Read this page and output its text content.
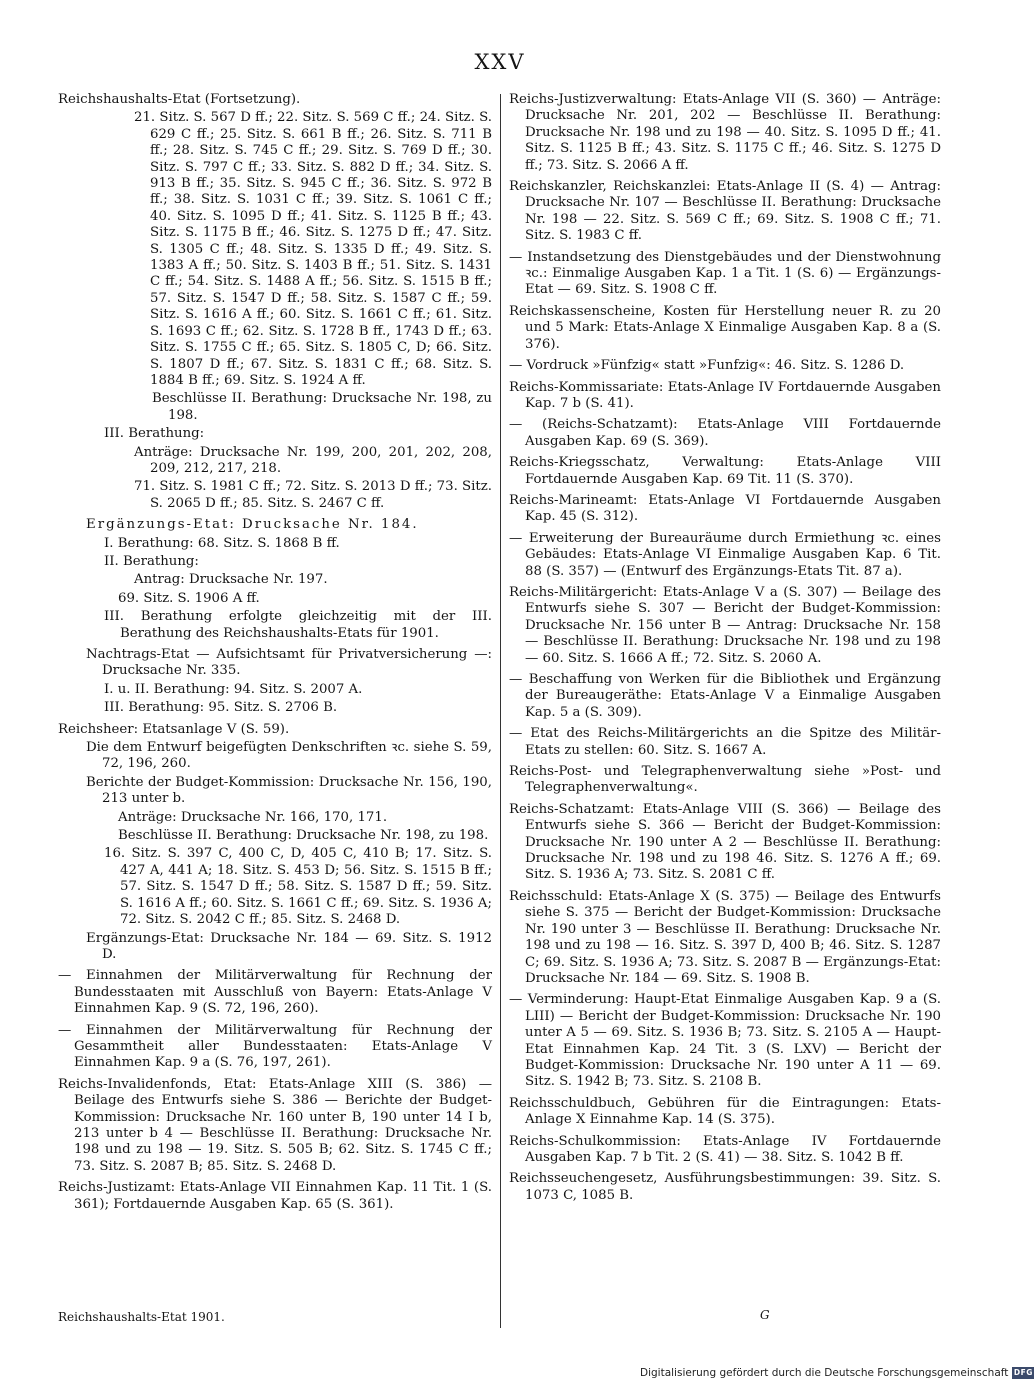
XXV

Reichshaushalts-Etat (Fortsetzung).

21. Sitz. S. 567 D ff.; 22. Sitz. S. 569 C ff.; 24. Sitz. S. 629 C ff.; 25. Sitz. S. 661 B ff.; 26. Sitz. S. 711 B ff.; 28. Sitz. S. 745 C ff.; 29. Sitz. S. 769 D ff.; 30. Sitz. S. 797 C ff.; 33. Sitz. S. 882 D ff.; 34. Sitz. S. 913 B ff.; 35. Sitz. S. 945 C ff.; 36. Sitz. S. 972 B ff.; 38. Sitz. S. 1031 C ff.; 39. Sitz. S. 1061 C ff.; 40. Sitz. S. 1095 D ff.; 41. Sitz. S. 1125 B ff.; 43. Sitz. S. 1175 B ff.; 46. Sitz. S. 1275 D ff.; 47. Sitz. S. 1305 C ff.; 48. Sitz. S. 1335 D ff.; 49. Sitz. S. 1383 A ff.; 50. Sitz. S. 1403 B ff.; 51. Sitz. S. 1431 C ff.; 54. Sitz. S. 1488 A ff.; 56. Sitz. S. 1515 B ff.; 57. Sitz. S. 1547 D ff.; 58. Sitz. S. 1587 C ff.; 59. Sitz. S. 1616 A ff.; 60. Sitz. S. 1661 C ff.; 61. Sitz. S. 1693 C ff.; 62. Sitz. S. 1728 B ff., 1743 D ff.; 63. Sitz. S. 1755 C ff.; 65. Sitz. S. 1805 C, D; 66. Sitz. S. 1807 D ff.; 67. Sitz. S. 1831 C ff.; 68. Sitz. S. 1884 B ff.; 69. Sitz. S. 1924 A ff.

Beschlüsse II. Berathung: Drucksache Nr. 198, zu 198.

III. Berathung:

Anträge: Drucksache Nr. 199, 200, 201, 202, 208, 209, 212, 217, 218.

71. Sitz. S. 1981 C ff.; 72. Sitz. S. 2013 D ff.; 73. Sitz. S. 2065 D ff.; 85. Sitz. S. 2467 C ff.

Ergänzungs-Etat: Drucksache Nr. 184.

I. Berathung: 68. Sitz. S. 1868 B ff.

II. Berathung:

Antrag: Drucksache Nr. 197.

69. Sitz. S. 1906 A ff.

III. Berathung erfolgte gleichzeitig mit der III. Berathung des Reichshaushalts-Etats für 1901.

Nachtrags-Etat — Aufsichtsamt für Privatversicherung —: Drucksache Nr. 335.

I. u. II. Berathung: 94. Sitz. S. 2007 A.

III. Berathung: 95. Sitz. S. 2706 B.

Reichsheer: Etatsanlage V (S. 59).

Die dem Entwurf beigefügten Denkschriften ꝛc. siehe S. 59, 72, 196, 260.

Berichte der Budget-Kommission: Drucksache Nr. 156, 190, 213 unter b.

Anträge: Drucksache Nr. 166, 170, 171.

Beschlüsse II. Berathung: Drucksache Nr. 198, zu 198.

16. Sitz. S. 397 C, 400 C, D, 405 C, 410 B; 17. Sitz. S. 427 A, 441 A; 18. Sitz. S. 453 D; 56. Sitz. S. 1515 B ff.; 57. Sitz. S. 1547 D ff.; 58. Sitz. S. 1587 D ff.; 59. Sitz. S. 1616 A ff.; 60. Sitz. S. 1661 C ff.; 69. Sitz. S. 1936 A; 72. Sitz. S. 2042 C ff.; 85. Sitz. S. 2468 D.

Ergänzungs-Etat: Drucksache Nr. 184 — 69. Sitz. S. 1912 D.

— Einnahmen der Militärverwaltung für Rechnung der Bundesstaaten mit Ausschluß von Bayern: Etats-Anlage V Einnahmen Kap. 9 (S. 72, 196, 260).

— Einnahmen der Militärverwaltung für Rechnung der Gesammtheit aller Bundesstaaten: Etats-Anlage V Einnahmen Kap. 9 a (S. 76, 197, 261).

Reichs-Invalidenfonds, Etat: Etats-Anlage XIII (S. 386) — Beilage des Entwurfs siehe S. 386 — Berichte der Budget-Kommission: Drucksache Nr. 160 unter B, 190 unter 14 I b, 213 unter b 4 — Beschlüsse II. Berathung: Drucksache Nr. 198 und zu 198 — 19. Sitz. S. 505 B; 62. Sitz. S. 1745 C ff.; 73. Sitz. S. 2087 B; 85. Sitz. S. 2468 D.

Reichs-Justizamt: Etats-Anlage VII Einnahmen Kap. 11 Tit. 1 (S. 361); Fortdauernde Ausgaben Kap. 65 (S. 361).

Reichs-Justizverwaltung: Etats-Anlage VII (S. 360) — Anträge: Drucksache Nr. 201, 202 — Beschlüsse II. Berathung: Drucksache Nr. 198 und zu 198 — 40. Sitz. S. 1095 D ff.; 41. Sitz. S. 1125 B ff.; 43. Sitz. S. 1175 C ff.; 46. Sitz. S. 1275 D ff.; 73. Sitz. S. 2066 A ff.

Reichskanzler, Reichskanzlei: Etats-Anlage II (S. 4) — Antrag: Drucksache Nr. 107 — Beschlüsse II. Berathung: Drucksache Nr. 198 — 22. Sitz. S. 569 C ff.; 69. Sitz. S. 1908 C ff.; 71. Sitz. S. 1983 C ff.

— Instandsetzung des Dienstgebäudes und der Dienstwohnung ꝛc.: Einmalige Ausgaben Kap. 1 a Tit. 1 (S. 6) — Ergänzungs-Etat — 69. Sitz. S. 1908 C ff.

Reichskassenscheine, Kosten für Herstellung neuer R. zu 20 und 5 Mark: Etats-Anlage X Einmalige Ausgaben Kap. 8 a (S. 376).

— Vordruck »Fünfzig« statt »Funfzig«: 46. Sitz. S. 1286 D.

Reichs-Kommissariate: Etats-Anlage IV Fortdauernde Ausgaben Kap. 7 b (S. 41).

— (Reichs-Schatzamt): Etats-Anlage VIII Fortdauernde Ausgaben Kap. 69 (S. 369).

Reichs-Kriegsschatz, Verwaltung: Etats-Anlage VIII Fortdauernde Ausgaben Kap. 69 Tit. 11 (S. 370).

Reichs-Marineamt: Etats-Anlage VI Fortdauernde Ausgaben Kap. 45 (S. 312).

— Erweiterung der Bureauräume durch Ermiethung ꝛc. eines Gebäudes: Etats-Anlage VI Einmalige Ausgaben Kap. 6 Tit. 88 (S. 357) — (Entwurf des Ergänzungs-Etats Tit. 87 a).

Reichs-Militärgericht: Etats-Anlage V a (S. 307) — Beilage des Entwurfs siehe S. 307 — Bericht der Budget-Kommission: Drucksache Nr. 156 unter B — Antrag: Drucksache Nr. 158 — Beschlüsse II. Berathung: Drucksache Nr. 198 und zu 198 — 60. Sitz. S. 1666 A ff.; 72. Sitz. S. 2060 A.

— Beschaffung von Werken für die Bibliothek und Ergänzung der Bureaugeräthe: Etats-Anlage V a Einmalige Ausgaben Kap. 5 a (S. 309).

— Etat des Reichs-Militärgerichts an die Spitze des Militär-Etats zu stellen: 60. Sitz. S. 1667 A.

Reichs-Post- und Telegraphenverwaltung siehe »Post- und Telegraphenverwaltung«.

Reichs-Schatzamt: Etats-Anlage VIII (S. 366) — Beilage des Entwurfs siehe S. 366 — Bericht der Budget-Kommission: Drucksache Nr. 190 unter A 2 — Beschlüsse II. Berathung: Drucksache Nr. 198 und zu 198 46. Sitz. S. 1276 A ff.; 69. Sitz. S. 1936 A; 73. Sitz. S. 2081 C ff.

Reichsschuld: Etats-Anlage X (S. 375) — Beilage des Entwurfs siehe S. 375 — Bericht der Budget-Kommission: Drucksache Nr. 190 unter 3 — Beschlüsse II. Berathung: Drucksache Nr. 198 und zu 198 — 16. Sitz. S. 397 D, 400 B; 46. Sitz. S. 1287 C; 69. Sitz. S. 1936 A; 73. Sitz. S. 2087 B — Ergänzungs-Etat: Drucksache Nr. 184 — 69. Sitz. S. 1908 B.

— Verminderung: Haupt-Etat Einmalige Ausgaben Kap. 9 a (S. LIII) — Bericht der Budget-Kommission: Drucksache Nr. 190 unter A 5 — 69. Sitz. S. 1936 B; 73. Sitz. S. 2105 A — Haupt-Etat Einnahmen Kap. 24 Tit. 3 (S. LXV) — Bericht der Budget-Kommission: Drucksache Nr. 190 unter A 11 — 69. Sitz. S. 1942 B; 73. Sitz. S. 2108 B.

Reichsschuldbuch, Gebühren für die Eintragungen: Etats-Anlage X Einnahme Kap. 14 (S. 375).

Reichs-Schulkommission: Etats-Anlage IV Fortdauernde Ausgaben Kap. 7 b Tit. 2 (S. 41) — 38. Sitz. S. 1042 B ff.

Reichsseuchengesetz, Ausführungsbestimmungen: 39. Sitz. S. 1073 C, 1085 B.

Reichshaushalts-Etat 1901.	G
Digitalisierung gefördert durch die Deutsche Forschungsgemeinschaft DFG
